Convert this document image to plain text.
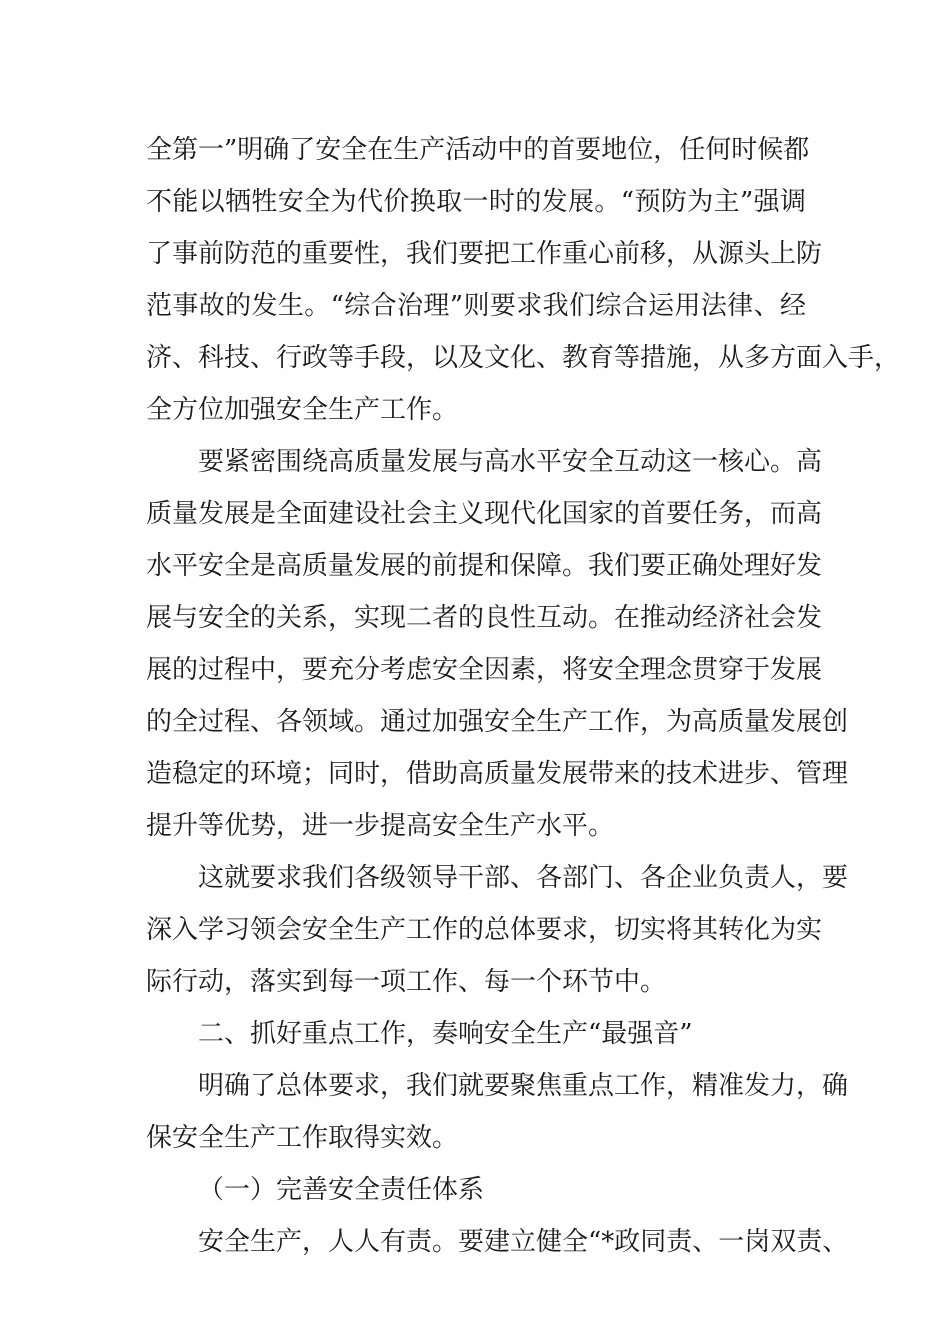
全第一”明确了安全在生产活动中的首要地位，任何时候都
不能以牺牲安全为代价换取一时的发展。“预防为主”强调
了事前防范的重要性，我们要把工作重心前移，从源头上防
范事故的发生。“综合治理”则要求我们综合运用法律、经
济、科技、行政等手段，以及文化、教育等措施，从多方面入手，
全方位加强安全生产工作。
要紧密围绕高质量发展与高水平安全互动这一核心。高
质量发展是全面建设社会主义现代化国家的首要任务，而高
水平安全是高质量发展的前提和保障。我们要正确处理好发
展与安全的关系，实现二者的良性互动。在推动经济社会发
展的过程中，要充分考虑安全因素，将安全理念贯穿于发展
的全过程、各领域。通过加强安全生产工作，为高质量发展创
造稳定的环境；同时，借助高质量发展带来的技术进步、管理
提升等优势，进一步提高安全生产水平。
这就要求我们各级领导干部、各部门、各企业负责人，要
深入学习领会安全生产工作的总体要求，切实将其转化为实
际行动，落实到每一项工作、每一个环节中。
二、抓好重点工作，奏响安全生产“最强音”
明确了总体要求，我们就要聚焦重点工作，精准发力，确
保安全生产工作取得实效。
（一）完善安全责任体系
安全生产，人人有责。要建立健全“*政同责、一岗双责、
